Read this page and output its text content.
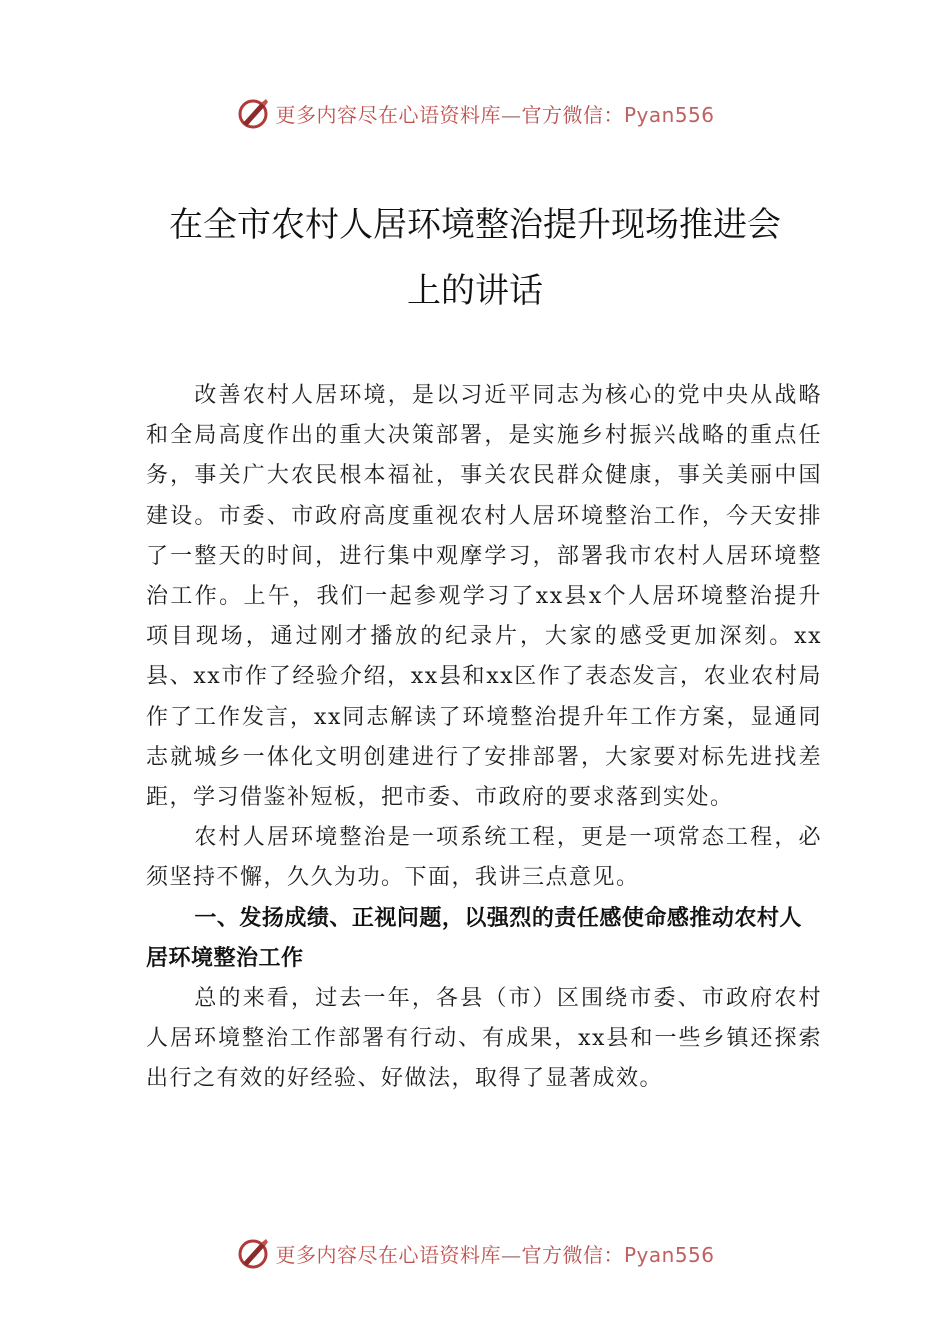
更多内容尽在心语资料库—官方微信：Pyan556
在全市农村人居环境整治提升现场推进会
上的讲话

改善农村人居环境，是以习近平同志为核心的党中央从战略和全局高度作出的重大决策部署，是实施乡村振兴战略的重点任务，事关广大农民根本福祉，事关农民群众健康，事关美丽中国建设。市委、市政府高度重视农村人居环境整治工作，今天安排了一整天的时间，进行集中观摩学习，部署我市农村人居环境整治工作。上午，我们一起参观学习了xx县x个人居环境整治提升项目现场，通过刚才播放的纪录片，大家的感受更加深刻。xx县、xx市作了经验介绍，xx县和xx区作了表态发言，农业农村局作了工作发言，xx同志解读了环境整治提升年工作方案，显通同志就城乡一体化文明创建进行了安排部署，大家要对标先进找差距，学习借鉴补短板，把市委、市政府的要求落到实处。

农村人居环境整治是一项系统工程，更是一项常态工程，必须坚持不懈，久久为功。下面，我讲三点意见。

一、发扬成绩、正视问题，以强烈的责任感使命感推动农村人居环境整治工作

总的来看，过去一年，各县（市）区围绕市委、市政府农村人居环境整治工作部署有行动、有成果，xx县和一些乡镇还探索出行之有效的好经验、好做法，取得了显著成效。

更多内容尽在心语资料库—官方微信：Pyan556
